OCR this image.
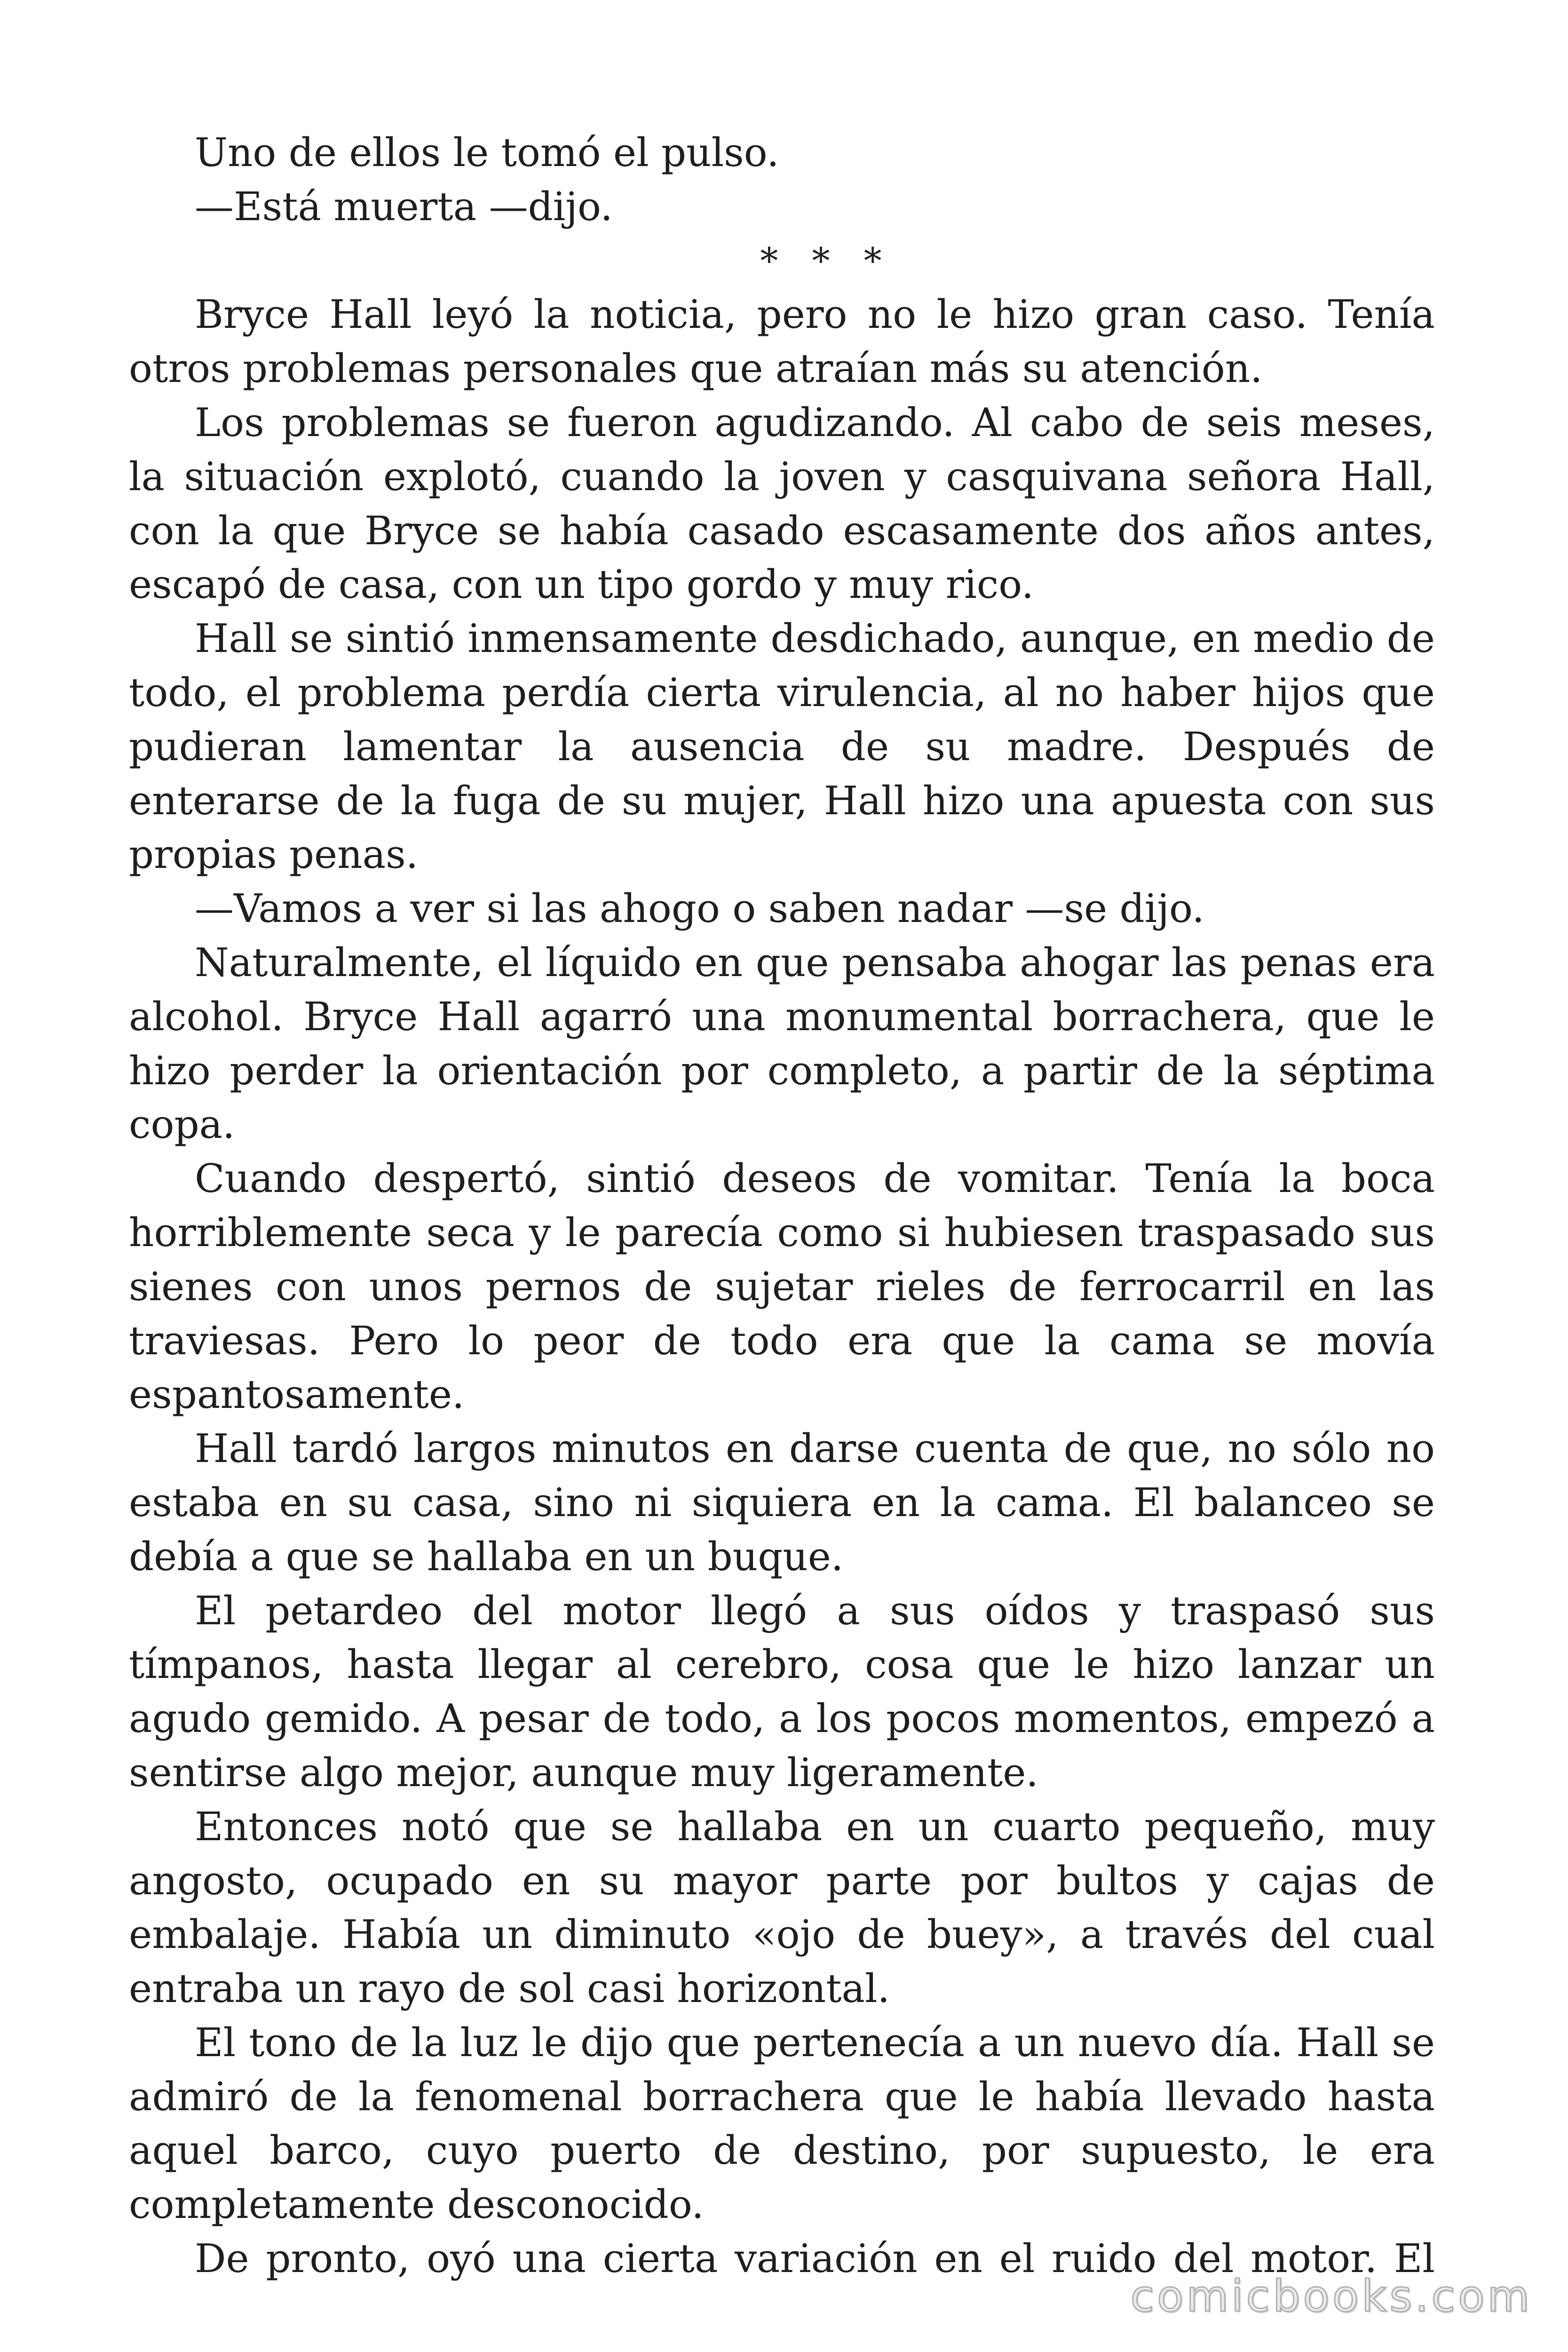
Uno de ellos le tomó el pulso.

—Está muerta —dijo.

* * *

Bryce Hall leyó la noticia, pero no le hizo gran caso. Tenía otros problemas personales que atraían más su atención.

Los problemas se fueron agudizando. Al cabo de seis meses, la situación explotó, cuando la joven y casquivana señora Hall, con la que Bryce se había casado escasamente dos años antes, escapó de casa, con un tipo gordo y muy rico.

Hall se sintió inmensamente desdichado, aunque, en medio de todo, el problema perdía cierta virulencia, al no haber hijos que pudieran lamentar la ausencia de su madre. Después de enterarse de la fuga de su mujer, Hall hizo una apuesta con sus propias penas.

—Vamos a ver si las ahogo o saben nadar —se dijo.

Naturalmente, el líquido en que pensaba ahogar las penas era alcohol. Bryce Hall agarró una monumental borrachera, que le hizo perder la orientación por completo, a partir de la séptima copa.

Cuando despertó, sintió deseos de vomitar. Tenía la boca horriblemente seca y le parecía como si hubiesen traspasado sus sienes con unos pernos de sujetar rieles de ferrocarril en las traviesas. Pero lo peor de todo era que la cama se movía espantosamente.

Hall tardó largos minutos en darse cuenta de que, no sólo no estaba en su casa, sino ni siquiera en la cama. El balanceo se debía a que se hallaba en un buque.

El petardeo del motor llegó a sus oídos y traspasó sus tímpanos, hasta llegar al cerebro, cosa que le hizo lanzar un agudo gemido. A pesar de todo, a los pocos momentos, empezó a sentirse algo mejor, aunque muy ligeramente.

Entonces notó que se hallaba en un cuarto pequeño, muy angosto, ocupado en su mayor parte por bultos y cajas de embalaje. Había un diminuto «ojo de buey», a través del cual entraba un rayo de sol casi horizontal.

El tono de la luz le dijo que pertenecía a un nuevo día. Hall se admiró de la fenomenal borrachera que le había llevado hasta aquel barco, cuyo puerto de destino, por supuesto, le era completamente desconocido.

De pronto, oyó una cierta variación en el ruido del motor. El

comicbooks.com
